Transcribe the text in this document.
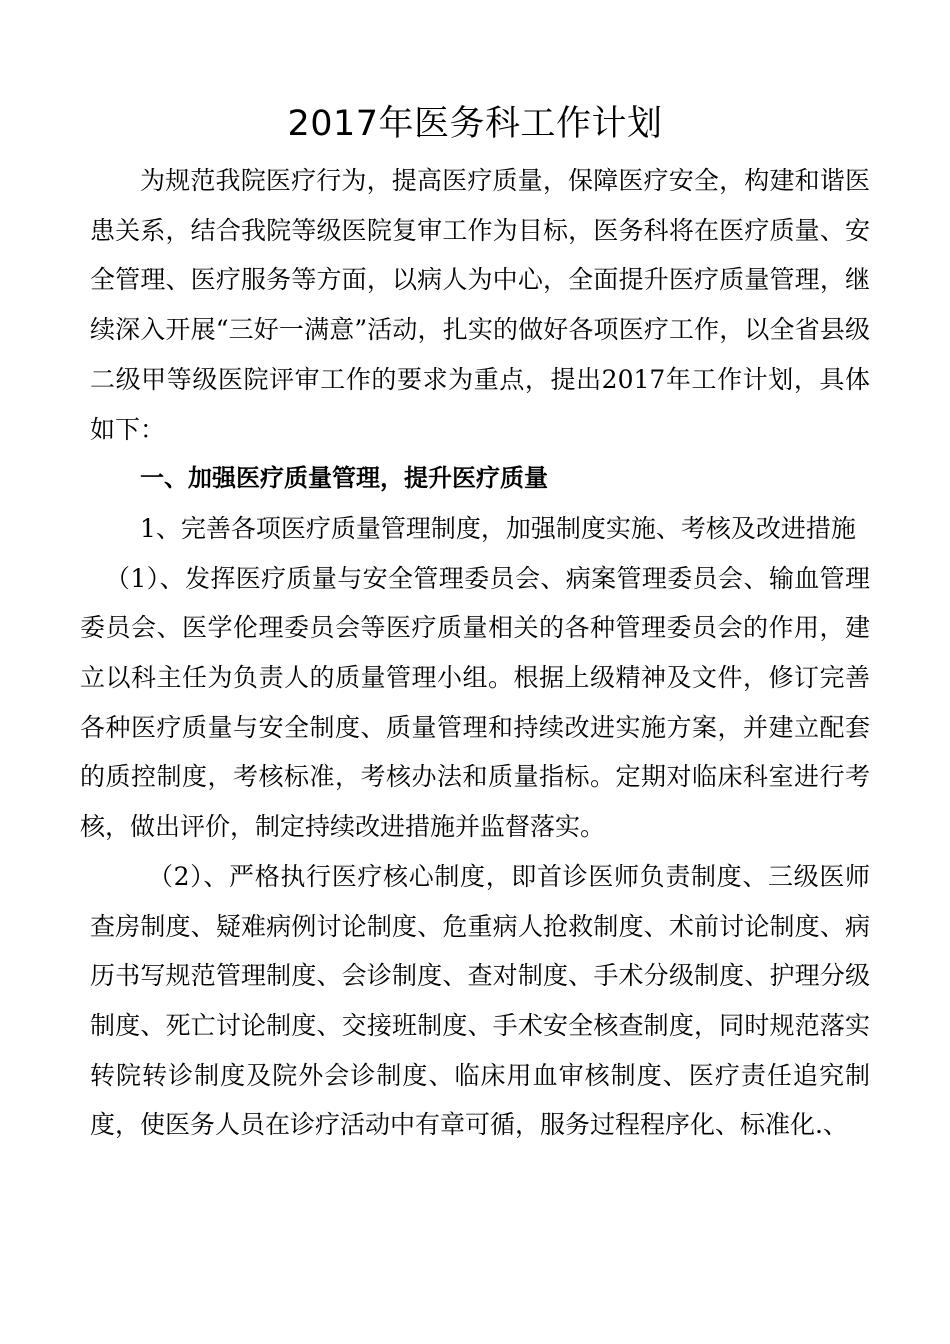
2017年医务科工作计划

为规范我院医疗行为，提高医疗质量，保障医疗安全，构建和谐医患关系，结合我院等级医院复审工作为目标，医务科将在医疗质量、安全管理、医疗服务等方面，以病人为中心，全面提升医疗质量管理，继续深入开展“三好一满意”活动，扎实的做好各项医疗工作，以全省县级二级甲等级医院评审工作的要求为重点，提出2017年工作计划，具体如下：

一、加强医疗质量管理，提升医疗质量

1、完善各项医疗质量管理制度，加强制度实施、考核及改进措施

（1）、发挥医疗质量与安全管理委员会、病案管理委员会、输血管理委员会、医学伦理委员会等医疗质量相关的各种管理委员会的作用，建立以科主任为负责人的质量管理小组。根据上级精神及文件，修订完善各种医疗质量与安全制度、质量管理和持续改进实施方案，并建立配套的质控制度，考核标准，考核办法和质量指标。定期对临床科室进行考核，做出评价，制定持续改进措施并监督落实。

（2）、严格执行医疗核心制度，即首诊医师负责制度、三级医师查房制度、疑难病例讨论制度、危重病人抢救制度、术前讨论制度、病历书写规范管理制度、会诊制度、查对制度、手术分级制度、护理分级制度、死亡讨论制度、交接班制度、手术安全核查制度，同时规范落实转院转诊制度及院外会诊制度、临床用血审核制度、医疗责任追究制度，使医务人员在诊疗活动中有章可循，服务过程程序化、标准化.、
